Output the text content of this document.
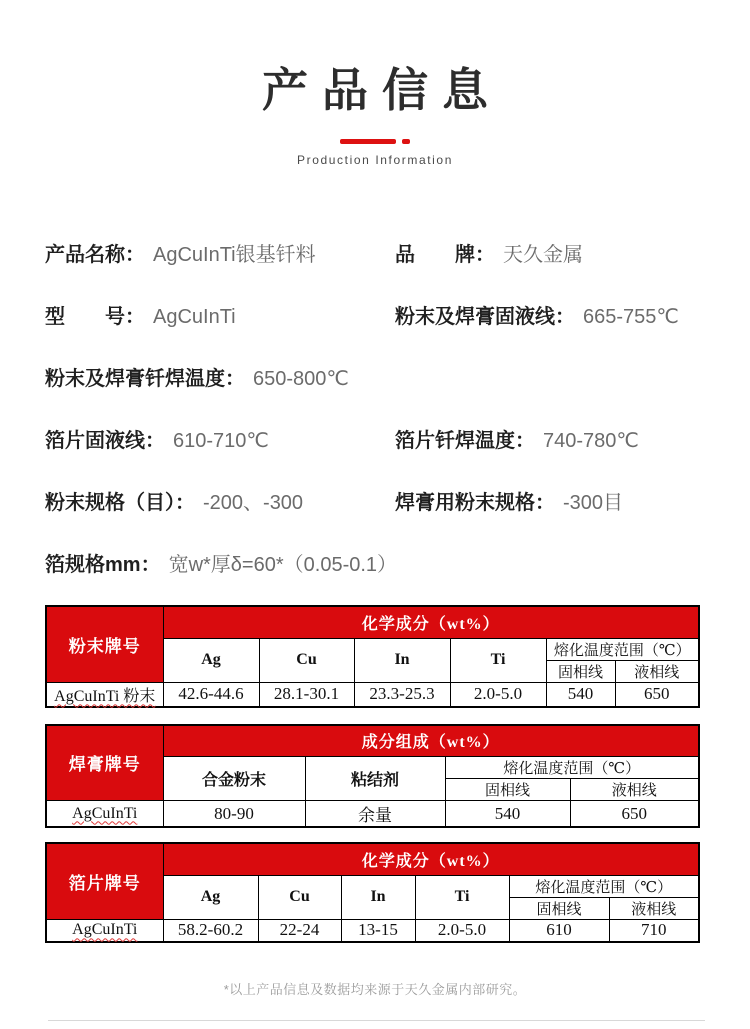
产品信息
Production Information
产品名称： AgCuInTi银基钎料	品　　牌： 天久金属
型　　号： AgCuInTi	粉末及焊膏固液线： 665-755℃
粉末及焊膏钎焊温度： 650-800℃
箔片固液线： 610-710℃	箔片钎焊温度： 740-780℃
粉末规格（目）： -200、-300	焊膏用粉末规格： -300目
箔规格mm： 宽w*厚δ=60*（0.05-0.1）
粉末牌号	化学成分（wt%）					
	Ag	Cu	In	Ti	熔化温度范围（℃）	
					固相线	液相线
AgCuInTi 粉末	42.6-44.6	28.1-30.1	23.3-25.3	2.0-5.0	540	650
焊膏牌号	成分组成（wt%）			
	合金粉末	粘结剂	熔化温度范围（℃）	
			固相线	液相线
AgCuInTi	80-90	余量	540	650
箔片牌号	化学成分（wt%）					
	Ag	Cu	In	Ti	熔化温度范围（℃）	
					固相线	液相线
AgCuInTi	58.2-60.2	22-24	13-15	2.0-5.0	610	710
*以上产品信息及数据均来源于天久金属内部研究。
